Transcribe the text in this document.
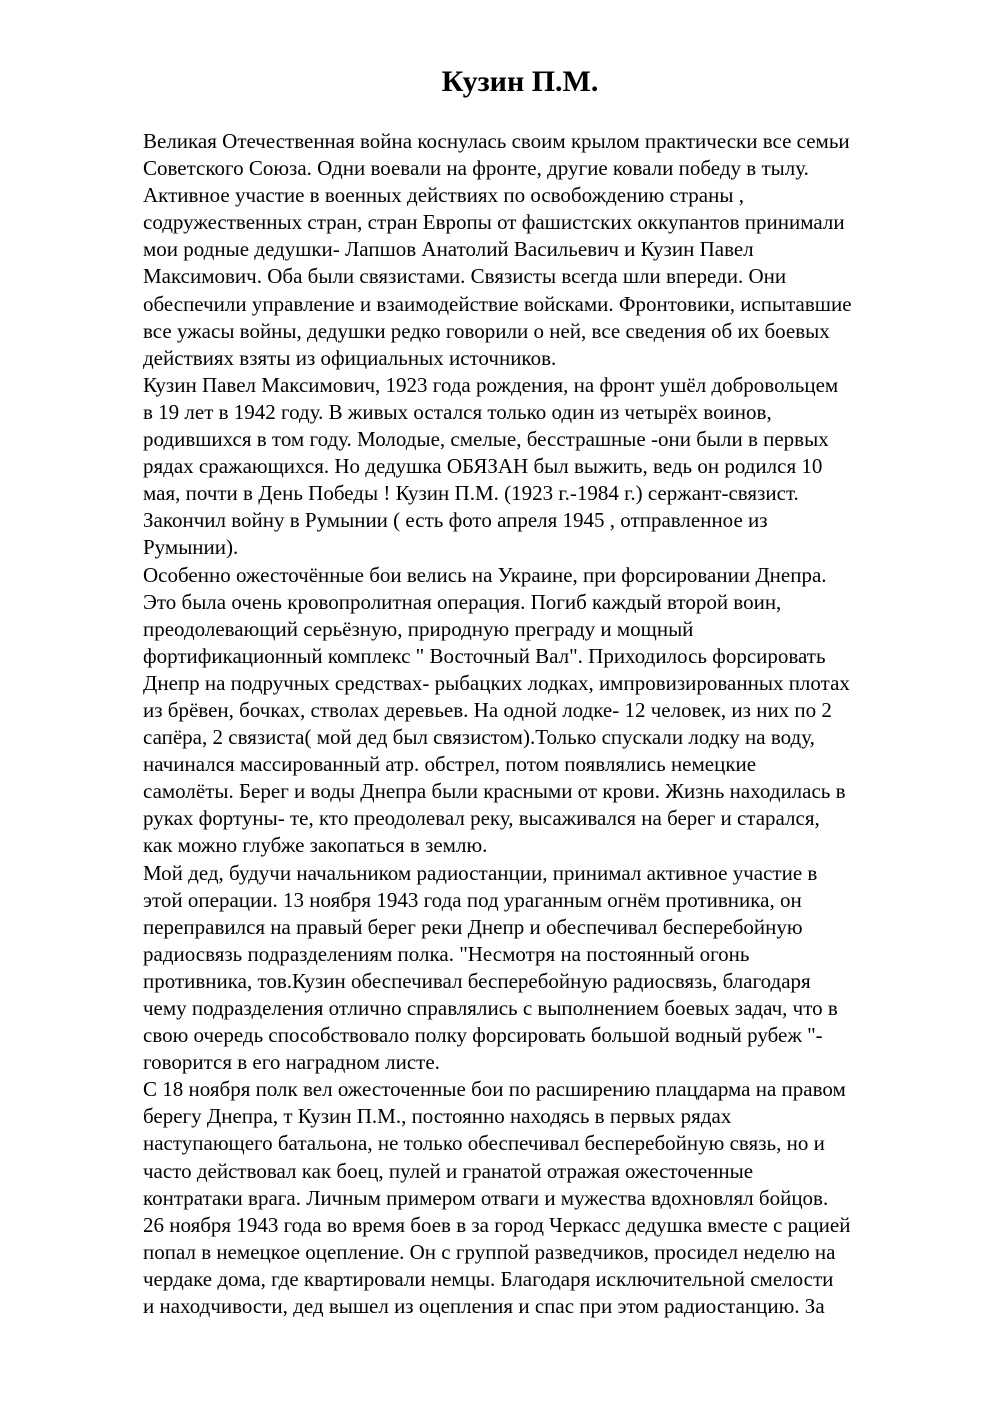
Кузин П.М.
Великая Отечественная война коснулась своим крылом практически все семьи
Советского Союза. Одни воевали на фронте, другие ковали победу в тылу.
Активное участие в военных действиях по освобождению страны ,
содружественных стран, стран Европы от фашистских оккупантов принимали
мои родные дедушки- Лапшов Анатолий Васильевич и Кузин Павел
Максимович. Оба были связистами. Связисты всегда шли впереди. Они
обеспечили управление и взаимодействие войсками. Фронтовики, испытавшие
все ужасы войны, дедушки редко говорили о ней, все сведения об их боевых
действиях взяты из официальных источников.
Кузин Павел Максимович, 1923 года рождения, на фронт ушёл добровольцем
в 19 лет в 1942 году. В живых остался только один из четырёх воинов,
родившихся в том году. Молодые, смелые, бесстрашные -они были в первых
рядах сражающихся. Но дедушка ОБЯЗАН был выжить, ведь он родился 10
мая, почти в День Победы ! Кузин П.М. (1923 г.-1984 г.) сержант-связист.
Закончил войну в Румынии ( есть фото апреля 1945 , отправленное из
Румынии).
Особенно ожесточённые бои велись на Украине, при форсировании Днепра.
Это была очень кровопролитная операция. Погиб каждый второй воин,
преодолевающий серьёзную, природную преграду и мощный
фортификационный комплекс " Восточный Вал". Приходилось форсировать
Днепр на подручных средствах- рыбацких лодках, импровизированных плотах
из брёвен, бочках, стволах деревьев. На одной лодке- 12 человек, из них по 2
сапёра, 2 связиста( мой дед был связистом).Только спускали лодку на воду,
начинался массированный атр. обстрел, потом появлялись немецкие
самолёты. Берег и воды Днепра были красными от крови. Жизнь находилась в
руках фортуны- те, кто преодолевал реку, высаживался на берег и старался,
как можно глубже закопаться в землю.
Мой дед, будучи начальником радиостанции, принимал активное участие в
этой операции. 13 ноября 1943 года под ураганным огнём противника, он
переправился на правый берег реки Днепр и обеспечивал бесперебойную
радиосвязь подразделениям полка. "Несмотря на постоянный огонь
противника, тов.Кузин обеспечивал бесперебойную радиосвязь, благодаря
чему подразделения отлично справлялись с выполнением боевых задач, что в
свою очередь способствовало полку форсировать большой водный рубеж "-
говорится в его наградном листе.
С 18 ноября полк вел ожесточенные бои по расширению плацдарма на правом
берегу Днепра, т Кузин П.М., постоянно находясь в первых рядах
наступающего батальона, не только обеспечивал бесперебойную связь, но и
часто действовал как боец, пулей и гранатой отражая ожесточенные
контратаки врага. Личным примером отваги и мужества вдохновлял бойцов.
26 ноября 1943 года во время боев в за город Черкасс дедушка вместе с рацией
попал в немецкое оцепление. Он с группой разведчиков, просидел неделю на
чердаке дома, где квартировали немцы. Благодаря исключительной смелости
и находчивости, дед вышел из оцепления и спас при этом радиостанцию. За
